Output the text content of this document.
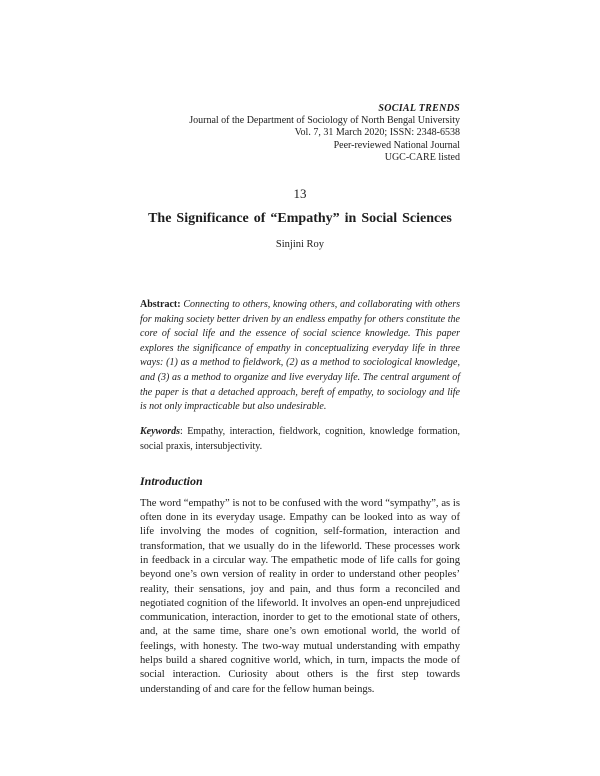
SOCIAL TRENDS
Journal of the Department of Sociology of North Bengal University
Vol. 7, 31 March 2020; ISSN: 2348-6538
Peer-reviewed National Journal
UGC-CARE listed
13
The Significance of “Empathy” in Social Sciences
Sinjini Roy

Abstract: Connecting to others, knowing others, and collaborating with others for making society better driven by an endless empathy for others constitute the core of social life and the essence of social science knowledge. This paper explores the significance of empathy in conceptualizing everyday life in three ways: (1) as a method to fieldwork, (2) as a method to sociological knowledge, and (3) as a method to organize and live everyday life. The central argument of the paper is that a detached approach, bereft of empathy, to sociology and life is not only impracticable but also undesirable.

Keywords: Empathy, interaction, fieldwork, cognition, knowledge formation, social praxis, intersubjectivity.

Introduction

The word “empathy” is not to be confused with the word “sympathy”, as is often done in its everyday usage. Empathy can be looked into as way of life involving the modes of cognition, self-formation, interaction and transformation, that we usually do in the lifeworld. These processes work in feedback in a circular way. The empathetic mode of life calls for going beyond one’s own version of reality in order to understand other peoples’ reality, their sensations, joy and pain, and thus form a reconciled and negotiated cognition of the lifeworld. It involves an open-end unprejudiced communication, interaction, inorder to get to the emotional state of others, and, at the same time, share one’s own emotional world, the world of feelings, with honesty. The two-way mutual understanding with empathy helps build a shared cognitive world, which, in turn, impacts the mode of social interaction. Curiosity about others is the first step towards understanding of and care for the fellow human beings.
